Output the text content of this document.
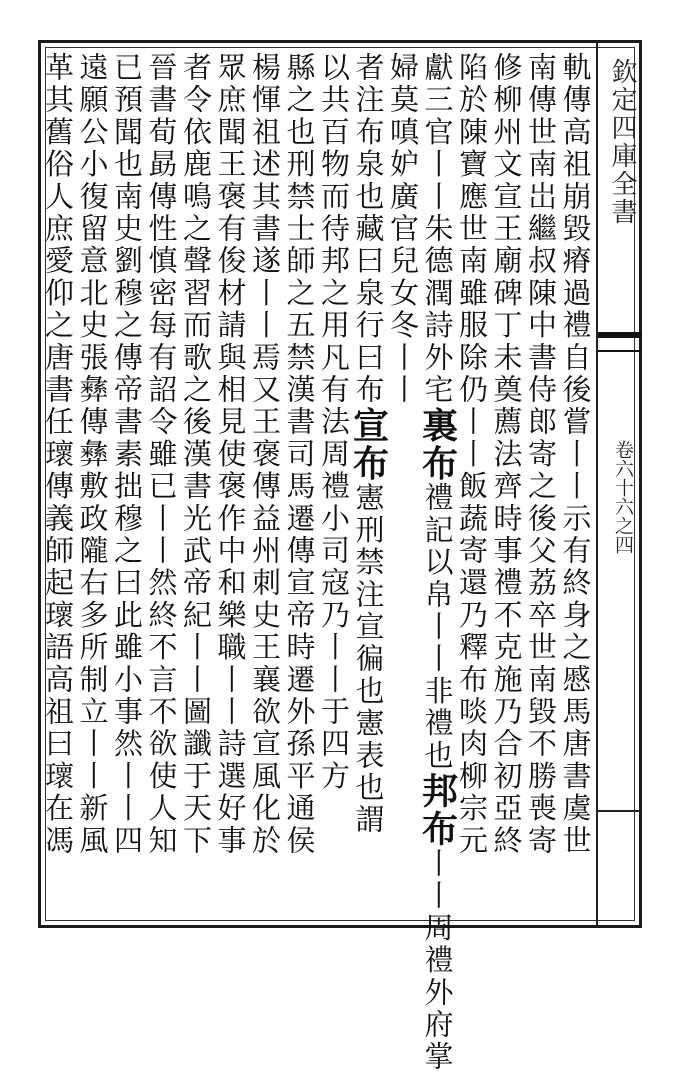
欽定四庫全書
卷六十六之四
軌傳高祖崩毀瘠過禮自後嘗丨丨示有終身之慼馬唐書虞世
南傳世南岀繼叔陳中書侍郎寄之後父荔卒世南毀不勝喪寄
修柳州文宣王廟碑丁未奠薦法齊時事禮不克施乃合初亞終
陷於陳寶應世南雖服除仍丨丨飯蔬寄還乃釋布啖肉柳宗元
獻三官丨丨朱德潤詩外宅裏布禮記以帛丨丨非禮也邦布丨丨周禮外府掌
婦莫嗔妒廣官兒女冬丨丨
者注布泉也藏曰泉行曰布宣布憲刑禁注宣徧也憲表也謂
以共百物而待邦之用凡有法周禮小司寇乃丨丨于四方
縣之也刑禁士師之五禁漢書司馬遷傳宣帝時遷外孫平通侯
楊惲祖述其書遂丨丨焉又王褒傳益州刺史王襄欲宣風化於
眾庶聞王褒有俊材請與相見使褒作中和樂職丨丨詩選好事
者令依鹿鳴之聲習而歌之後漢書光武帝紀丨丨圖讖于天下
晉書荀勗傳性慎密每有詔令雖已丨丨然終不言不欲使人知
已預聞也南史劉穆之傳帝書素拙穆之曰此雖小事然丨丨四
遠願公小復留意北史張彝傳彝敷政隴右多所制立丨丨新風
革其舊俗人庶愛仰之唐書任瓌傳義師起瓌語高祖曰瓌在馮
